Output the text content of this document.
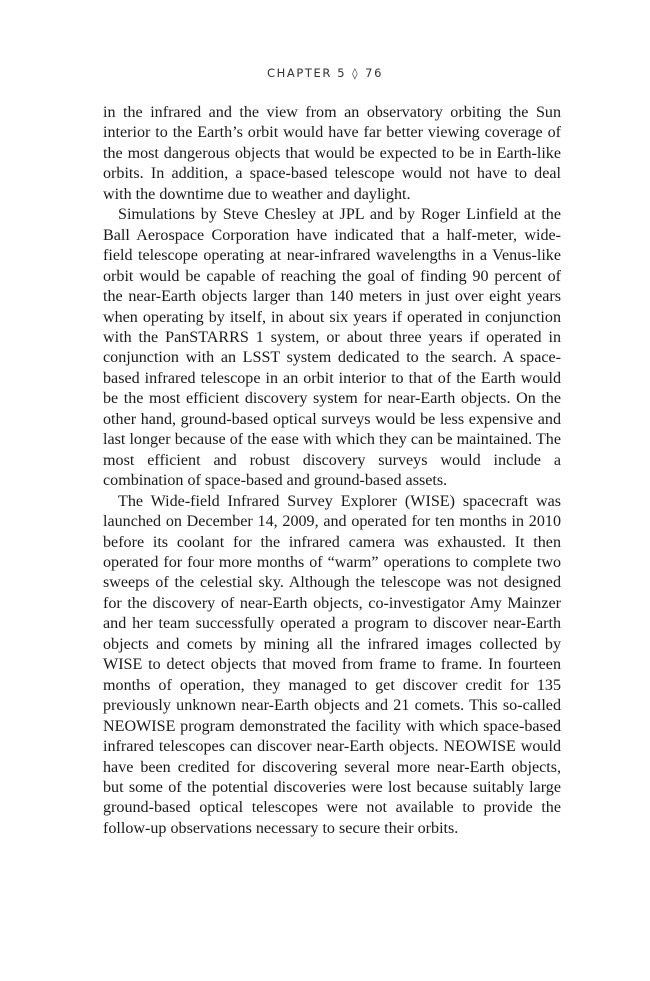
CHAPTER 5 ◊ 76

in the infrared and the view from an observatory orbiting the Sun interior to the Earth’s orbit would have far better viewing coverage of the most dangerous objects that would be expected to be in Earth-like orbits. In addition, a space-based telescope would not have to deal with the downtime due to weather and daylight.

Simulations by Steve Chesley at JPL and by Roger Linfield at the Ball Aerospace Corporation have indicated that a half-meter, wide-field telescope operating at near-infrared wavelengths in a Venus-like orbit would be capable of reaching the goal of finding 90 percent of the near-Earth objects larger than 140 meters in just over eight years when operating by itself, in about six years if operated in conjunction with the PanSTARRS 1 system, or about three years if operated in conjunction with an LSST system dedicated to the search. A space-based infrared telescope in an orbit interior to that of the Earth would be the most efficient discovery system for near-Earth objects. On the other hand, ground-based optical surveys would be less expensive and last longer because of the ease with which they can be maintained. The most efficient and robust discovery surveys would include a combination of space-based and ground-based assets.

The Wide-field Infrared Survey Explorer (WISE) spacecraft was launched on December 14, 2009, and operated for ten months in 2010 before its coolant for the infrared camera was exhausted. It then operated for four more months of “warm” operations to complete two sweeps of the celestial sky. Although the telescope was not designed for the discovery of near-Earth objects, co-investigator Amy Mainzer and her team successfully operated a program to discover near-Earth objects and comets by mining all the infrared images collected by WISE to detect objects that moved from frame to frame. In fourteen months of operation, they managed to get discover credit for 135 previously unknown near-Earth objects and 21 comets. This so-called NEOWISE program demonstrated the facility with which space-based infrared telescopes can discover near-Earth objects. NEOWISE would have been credited for discovering several more near-Earth objects, but some of the potential discoveries were lost because suitably large ground-based optical telescopes were not available to provide the follow-up observations necessary to secure their orbits.
